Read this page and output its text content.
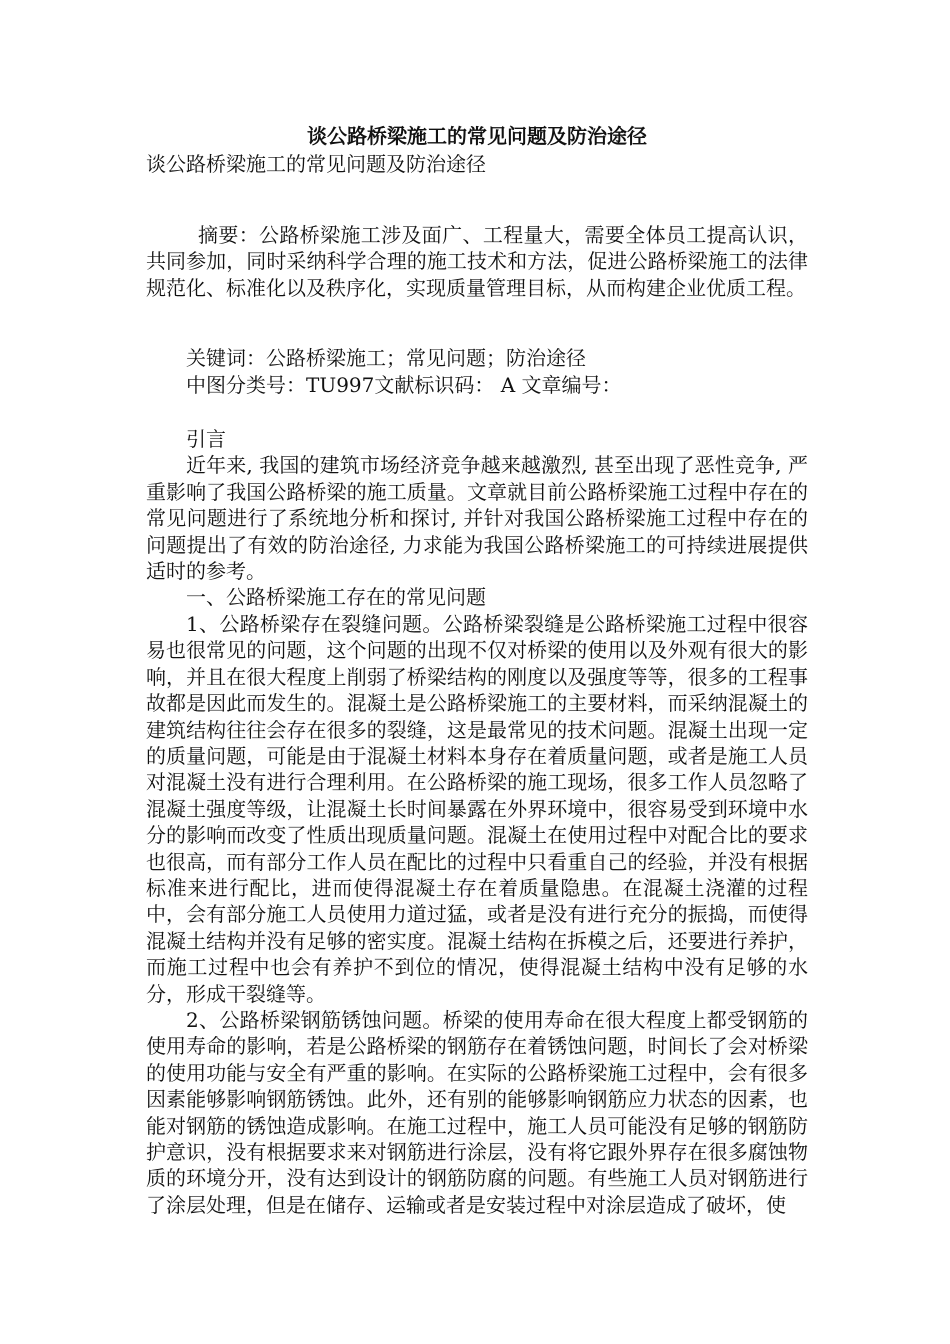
谈公路桥梁施工的常见问题及防治途径

谈公路桥梁施工的常见问题及防治途径

摘要：公路桥梁施工涉及面广、工程量大，需要全体员工提高认识，共同参加，同时采纳科学合理的施工技术和方法，促进公路桥梁施工的法律规范化、标准化以及秩序化，实现质量管理目标，从而构建企业优质工程。

关键词：公路桥梁施工；常见问题；防治途径

中图分类号：TU997文献标识码： A 文章编号：

引言

近年来, 我国的建筑市场经济竞争越来越激烈, 甚至出现了恶性竞争, 严重影响了我国公路桥梁的施工质量。文章就目前公路桥梁施工过程中存在的常见问题进行了系统地分析和探讨, 并针对我国公路桥梁施工过程中存在的问题提出了有效的防治途径, 力求能为我国公路桥梁施工的可持续进展提供适时的参考。

一、公路桥梁施工存在的常见问题

1、公路桥梁存在裂缝问题。公路桥梁裂缝是公路桥梁施工过程中很容易也很常见的问题，这个问题的出现不仅对桥梁的使用以及外观有很大的影响，并且在很大程度上削弱了桥梁结构的刚度以及强度等等，很多的工程事故都是因此而发生的。混凝土是公路桥梁施工的主要材料，而采纳混凝土的建筑结构往往会存在很多的裂缝，这是最常见的技术问题。混凝土出现一定的质量问题，可能是由于混凝土材料本身存在着质量问题，或者是施工人员对混凝土没有进行合理利用。在公路桥梁的施工现场，很多工作人员忽略了混凝土强度等级，让混凝土长时间暴露在外界环境中，很容易受到环境中水分的影响而改变了性质出现质量问题。混凝土在使用过程中对配合比的要求也很高，而有部分工作人员在配比的过程中只看重自己的经验，并没有根据标准来进行配比，进而使得混凝土存在着质量隐患。在混凝土浇灌的过程中，会有部分施工人员使用力道过猛，或者是没有进行充分的振捣，而使得混凝土结构并没有足够的密实度。混凝土结构在拆模之后，还要进行养护，而施工过程中也会有养护不到位的情况，使得混凝土结构中没有足够的水分，形成干裂缝等。

2、公路桥梁钢筋锈蚀问题。桥梁的使用寿命在很大程度上都受钢筋的使用寿命的影响，若是公路桥梁的钢筋存在着锈蚀问题，时间长了会对桥梁的使用功能与安全有严重的影响。在实际的公路桥梁施工过程中，会有很多因素能够影响钢筋锈蚀。此外，还有别的能够影响钢筋应力状态的因素，也能对钢筋的锈蚀造成影响。在施工过程中，施工人员可能没有足够的钢筋防护意识，没有根据要求来对钢筋进行涂层，没有将它跟外界存在很多腐蚀物质的环境分开，没有达到设计的钢筋防腐的问题。有些施工人员对钢筋进行了涂层处理，但是在储存、运输或者是安装过程中对涂层造成了破坏，使
